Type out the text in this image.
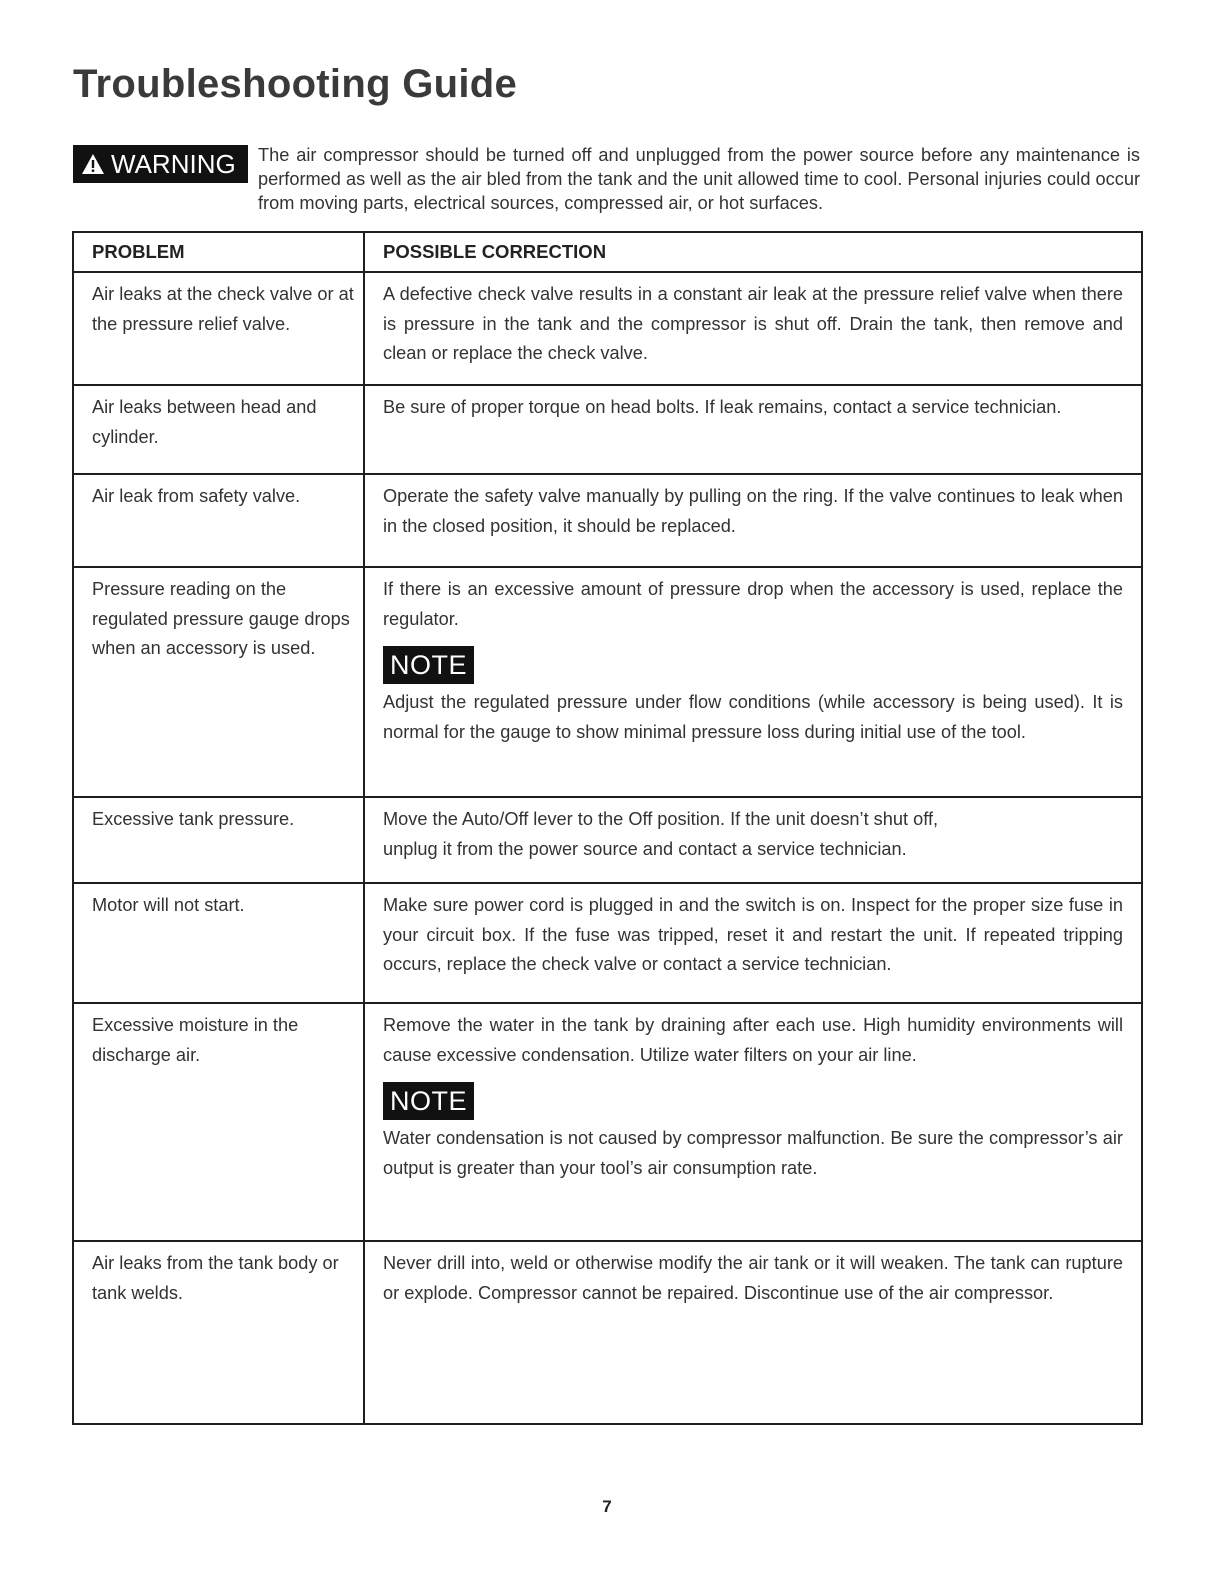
Troubleshooting Guide
WARNING The air compressor should be turned off and unplugged from the power source before any maintenance is performed as well as the air bled from the tank and the unit allowed time to cool. Personal injuries could occur from moving parts, electrical sources, compressed air, or hot surfaces.
PROBLEM	POSSIBLE CORRECTION
Air leaks at the check valve or at the pressure relief valve.	A defective check valve results in a constant air leak at the pressure relief valve when there is pressure in the tank and the compressor is shut off. Drain the tank, then remove and clean or replace the check valve.

Air leaks between head and cylinder.	Be sure of proper torque on head bolts. If leak remains, contact a service technician.

Air leak from safety valve.	Operate the safety valve manually by pulling on the ring. If the valve continues to leak when in the closed position, it should be replaced.

Pressure reading on the regulated pressure gauge drops when an accessory is used.	If there is an excessive amount of pressure drop when the accessory is used, replace the regulator.

NOTE

Adjust the regulated pressure under flow conditions (while accessory is being used). It is normal for the gauge to show minimal pressure loss during initial use of the tool.

Excessive tank pressure.	Move the Auto/Off lever to the Off position. If the unit doesn’t shut off,
unplug it from the power source and contact a service technician.

Motor will not start.	Make sure power cord is plugged in and the switch is on. Inspect for the proper size fuse in your circuit box. If the fuse was tripped, reset it and restart the unit. If repeated tripping occurs, replace the check valve or contact a service technician.

Excessive moisture in the discharge air.	Remove the water in the tank by draining after each use. High humidity environments will cause excessive condensation. Utilize water filters on your air line.

NOTE

Water condensation is not caused by compressor malfunction. Be sure the compressor’s air output is greater than your tool’s air consumption rate.

Air leaks from the tank body or tank welds.	Never drill into, weld or otherwise modify the air tank or it will weaken. The tank can rupture or explode. Compressor cannot be repaired. Discontinue use of the air compressor.

7
